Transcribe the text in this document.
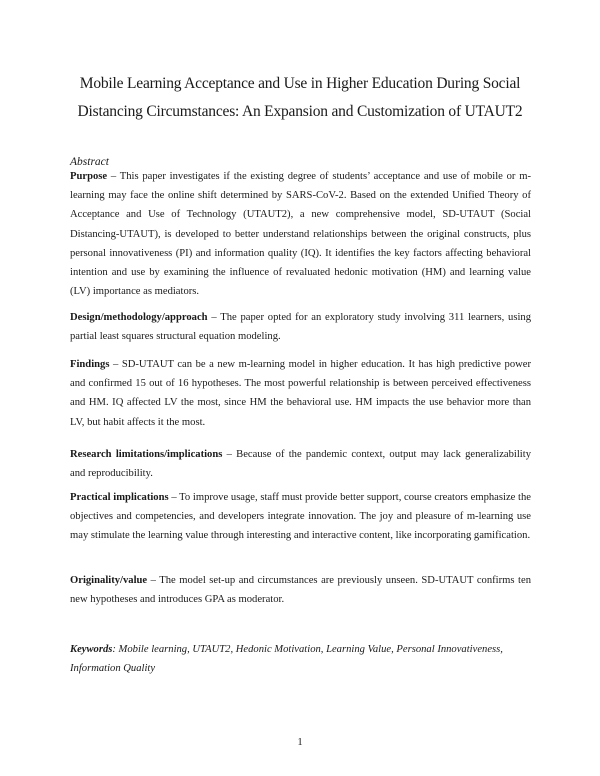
Mobile Learning Acceptance and Use in Higher Education During Social
Distancing Circumstances: An Expansion and Customization of UTAUT2
Abstract
Purpose – This paper investigates if the existing degree of students’ acceptance and use of mobile or m-learning may face the online shift determined by SARS-CoV-2. Based on the extended Unified Theory of Acceptance and Use of Technology (UTAUT2), a new comprehensive model, SD-UTAUT (Social Distancing-UTAUT), is developed to better understand relationships between the original constructs, plus personal innovativeness (PI) and information quality (IQ). It identifies the key factors affecting behavioral intention and use by examining the influence of revaluated hedonic motivation (HM) and learning value (LV) importance as mediators.
Design/methodology/approach – The paper opted for an exploratory study involving 311 learners, using partial least squares structural equation modeling.
Findings – SD-UTAUT can be a new m-learning model in higher education. It has high predictive power and confirmed 15 out of 16 hypotheses. The most powerful relationship is between perceived effectiveness and HM. IQ affected LV the most, since HM the behavioral use. HM impacts the use behavior more than LV, but habit affects it the most.
Research limitations/implications – Because of the pandemic context, output may lack generalizability and reproducibility.
Practical implications – To improve usage, staff must provide better support, course creators emphasize the objectives and competencies, and developers integrate innovation. The joy and pleasure of m-learning use may stimulate the learning value through interesting and interactive content, like incorporating gamification.
Originality/value – The model set-up and circumstances are previously unseen. SD-UTAUT confirms ten new hypotheses and introduces GPA as moderator.
Keywords: Mobile learning, UTAUT2, Hedonic Motivation, Learning Value, Personal Innovativeness, Information Quality
1
